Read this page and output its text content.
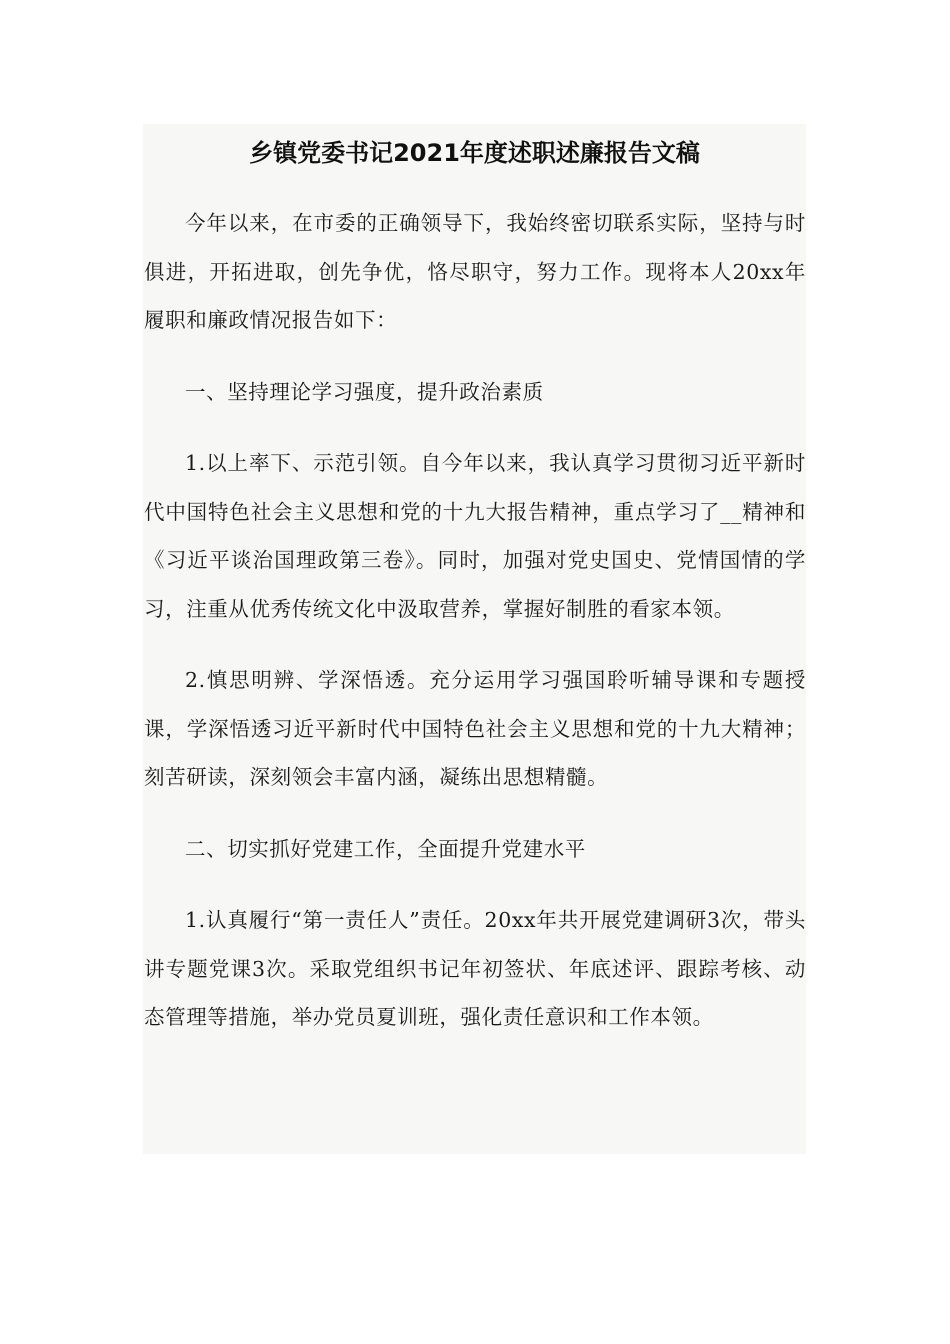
乡镇党委书记2021年度述职述廉报告文稿

今年以来，在市委的正确领导下，我始终密切联系实际，坚持与时俱进，开拓进取，创先争优，恪尽职守，努力工作。现将本人20xx年履职和廉政情况报告如下：

一、坚持理论学习强度，提升政治素质

1.以上率下、示范引领。自今年以来，我认真学习贯彻习近平新时代中国特色社会主义思想和党的十九大报告精神，重点学习了__精神和《习近平谈治国理政第三卷》。同时，加强对党史国史、党情国情的学习，注重从优秀传统文化中汲取营养，掌握好制胜的看家本领。

2.慎思明辨、学深悟透。充分运用学习强国聆听辅导课和专题授课，学深悟透习近平新时代中国特色社会主义思想和党的十九大精神；刻苦研读，深刻领会丰富内涵，凝练出思想精髓。

二、切实抓好党建工作，全面提升党建水平

1.认真履行“第一责任人”责任。20xx年共开展党建调研3次，带头讲专题党课3次。采取党组织书记年初签状、年底述评、跟踪考核、动态管理等措施，举办党员夏训班，强化责任意识和工作本领。
